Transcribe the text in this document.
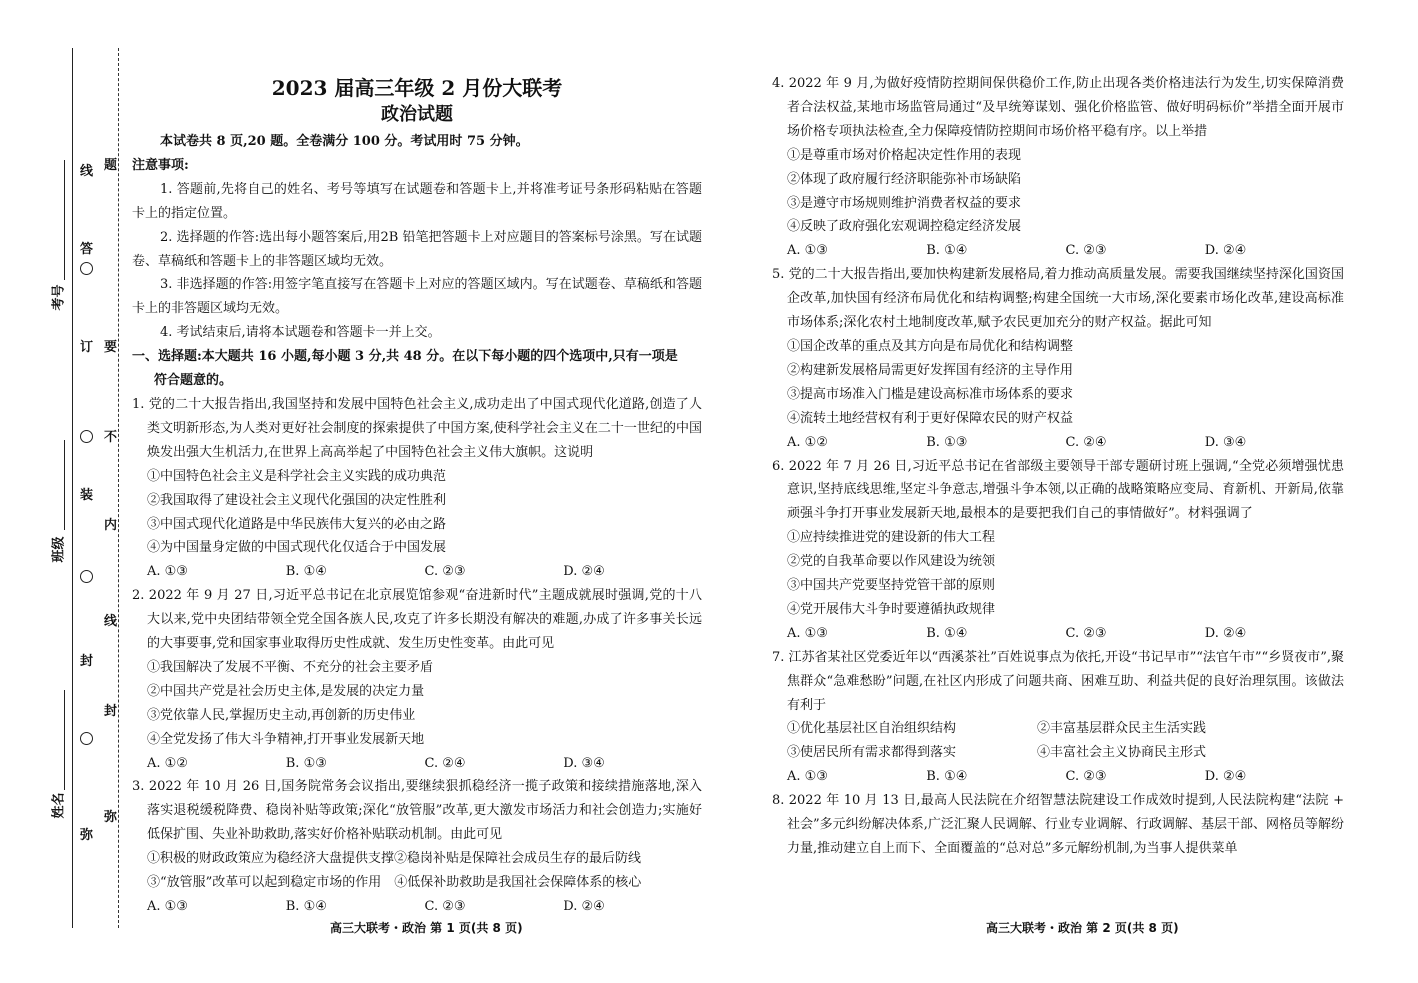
考号
班级
姓名
线
答
订
装
封
弥
题
要
不
内
线
封
弥
2023 届高三年级 2 月份大联考
政治试题
本试卷共 8 页,20 题。全卷满分 100 分。考试用时 75 分钟。
注意事项:
1. 答题前,先将自己的姓名、考号等填写在试题卷和答题卡上,并将准考证号条形码粘贴在答题卡上的指定位置。
2. 选择题的作答:选出每小题答案后,用2B 铅笔把答题卡上对应题目的答案标号涂黑。写在试题卷、草稿纸和答题卡上的非答题区域均无效。
3. 非选择题的作答:用签字笔直接写在答题卡上对应的答题区域内。写在试题卷、草稿纸和答题卡上的非答题区域均无效。
4. 考试结束后,请将本试题卷和答题卡一并上交。
一、选择题:本大题共 16 小题,每小题 3 分,共 48 分。在以下每小题的四个选项中,只有一项是
符合题意的。
1. 党的二十大报告指出,我国坚持和发展中国特色社会主义,成功走出了中国式现代化道路,创造了人类文明新形态,为人类对更好社会制度的探索提供了中国方案,使科学社会主义在二十一世纪的中国焕发出强大生机活力,在世界上高高举起了中国特色社会主义伟大旗帜。这说明
①中国特色社会主义是科学社会主义实践的成功典范
②我国取得了建设社会主义现代化强国的决定性胜利
③中国式现代化道路是中华民族伟大复兴的必由之路
④为中国量身定做的中国式现代化仅适合于中国发展
A. ①③	B. ①④	C. ②③	D. ②④
2. 2022 年 9 月 27 日,习近平总书记在北京展览馆参观“奋进新时代”主题成就展时强调,党的十八大以来,党中央团结带领全党全国各族人民,攻克了许多长期没有解决的难题,办成了许多事关长远的大事要事,党和国家事业取得历史性成就、发生历史性变革。由此可见
①我国解决了发展不平衡、不充分的社会主要矛盾
②中国共产党是社会历史主体,是发展的决定力量
③党依靠人民,掌握历史主动,再创新的历史伟业
④全党发扬了伟大斗争精神,打开事业发展新天地
A. ①②	B. ①③	C. ②④	D. ③④
3. 2022 年 10 月 26 日,国务院常务会议指出,要继续狠抓稳经济一揽子政策和接续措施落地,深入落实退税缓税降费、稳岗补贴等政策;深化“放管服”改革,更大激发市场活力和社会创造力;实施好低保扩围、失业补助救助,落实好价格补贴联动机制。由此可见
①积极的财政政策应为稳经济大盘提供支撑②稳岗补贴是保障社会成员生存的最后防线
③“放管服”改革可以起到稳定市场的作用　④低保补助救助是我国社会保障体系的核心
A. ①③	B. ①④	C. ②③	D. ②④
高三大联考・政治 第 1 页(共 8 页)
4. 2022 年 9 月,为做好疫情防控期间保供稳价工作,防止出现各类价格违法行为发生,切实保障消费者合法权益,某地市场监管局通过“及早统筹谋划、强化价格监管、做好明码标价”举措全面开展市场价格专项执法检查,全力保障疫情防控期间市场价格平稳有序。以上举措
①是尊重市场对价格起决定性作用的表现
②体现了政府履行经济职能弥补市场缺陷
③是遵守市场规则维护消费者权益的要求
④反映了政府强化宏观调控稳定经济发展
A. ①③	B. ①④	C. ②③	D. ②④
5. 党的二十大报告指出,要加快构建新发展格局,着力推动高质量发展。需要我国继续坚持深化国资国企改革,加快国有经济布局优化和结构调整;构建全国统一大市场,深化要素市场化改革,建设高标准市场体系;深化农村土地制度改革,赋予农民更加充分的财产权益。据此可知
①国企改革的重点及其方向是布局优化和结构调整
②构建新发展格局需更好发挥国有经济的主导作用
③提高市场准入门槛是建设高标准市场体系的要求
④流转土地经营权有利于更好保障农民的财产权益
A. ①②	B. ①③	C. ②④	D. ③④
6. 2022 年 7 月 26 日,习近平总书记在省部级主要领导干部专题研讨班上强调,“全党必须增强忧患意识,坚持底线思维,坚定斗争意志,增强斗争本领,以正确的战略策略应变局、育新机、开新局,依靠顽强斗争打开事业发展新天地,最根本的是要把我们自己的事情做好”。材料强调了
①应持续推进党的建设新的伟大工程
②党的自我革命要以作风建设为统领
③中国共产党要坚持党管干部的原则
④党开展伟大斗争时要遵循执政规律
A. ①③	B. ①④	C. ②③	D. ②④
7. 江苏省某社区党委近年以“西溪茶社”百姓说事点为依托,开设“书记早市”“法官午市”“乡贤夜市”,聚焦群众“急难愁盼”问题,在社区内形成了问题共商、困难互助、利益共促的良好治理氛围。该做法有利于
①优化基层社区自治组织结构	②丰富基层群众民主生活实践
③使居民所有需求都得到落实	④丰富社会主义协商民主形式
A. ①③	B. ①④	C. ②③	D. ②④
8. 2022 年 10 月 13 日,最高人民法院在介绍智慧法院建设工作成效时提到,人民法院构建“法院 + 社会”多元纠纷解决体系,广泛汇聚人民调解、行业专业调解、行政调解、基层干部、网格员等解纷力量,推动建立自上而下、全面覆盖的“总对总”多元解纷机制,为当事人提供菜单
高三大联考・政治 第 2 页(共 8 页)
